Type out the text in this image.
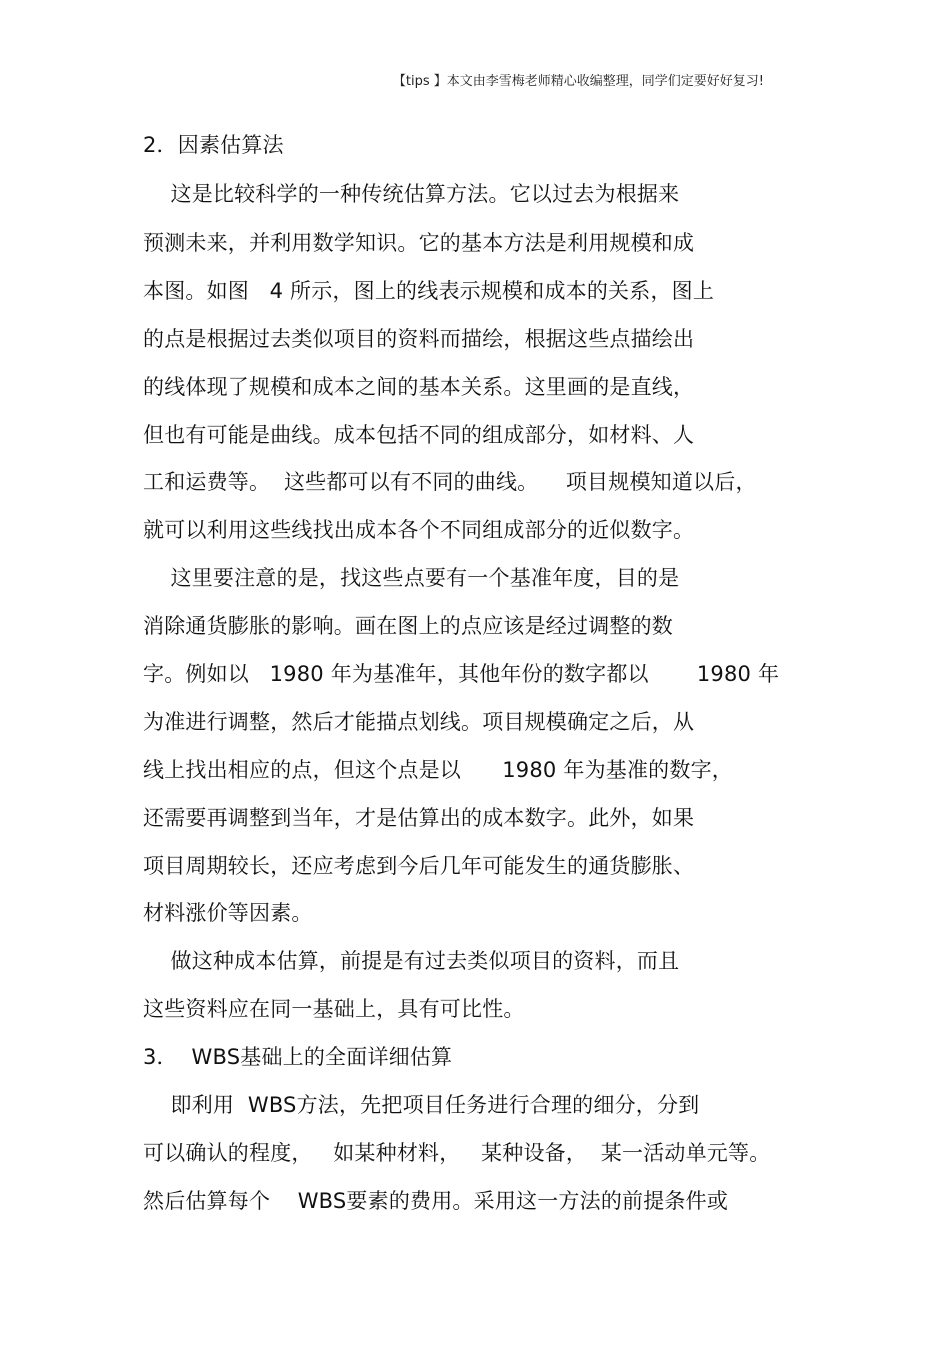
【tips 】本文由李雪梅老师精心收编整理，同学们定要好好复习!
2．因素估算法
这是比较科学的一种传统估算方法。它以过去为根据来
预测未来，并利用数学知识。它的基本方法是利用规模和成
本图。如图   4 所示，图上的线表示规模和成本的关系，图上
的点是根据过去类似项目的资料而描绘，根据这些点描绘出
的线体现了规模和成本之间的基本关系。这里画的是直线，
但也有可能是曲线。成本包括不同的组成部分，如材料、人
工和运费等。  这些都可以有不同的曲线。    项目规模知道以后，
就可以利用这些线找出成本各个不同组成部分的近似数字。
这里要注意的是，找这些点要有一个基准年度，目的是
消除通货膨胀的影响。画在图上的点应该是经过调整的数
字。例如以   1980 年为基准年，其他年份的数字都以       1980 年
为准进行调整，然后才能描点划线。项目规模确定之后，从
线上找出相应的点，但这个点是以      1980 年为基准的数字，
还需要再调整到当年，才是估算出的成本数字。此外，如果
项目周期较长，还应考虑到今后几年可能发生的通货膨胀、
材料涨价等因素。
做这种成本估算，前提是有过去类似项目的资料，而且
这些资料应在同一基础上，具有可比性。
3．  WBS基础上的全面详细估算
即利用  WBS方法，先把项目任务进行合理的细分，分到
可以确认的程度，   如某种材料，   某种设备，  某一活动单元等。
然后估算每个    WBS要素的费用。采用这一方法的前提条件或
